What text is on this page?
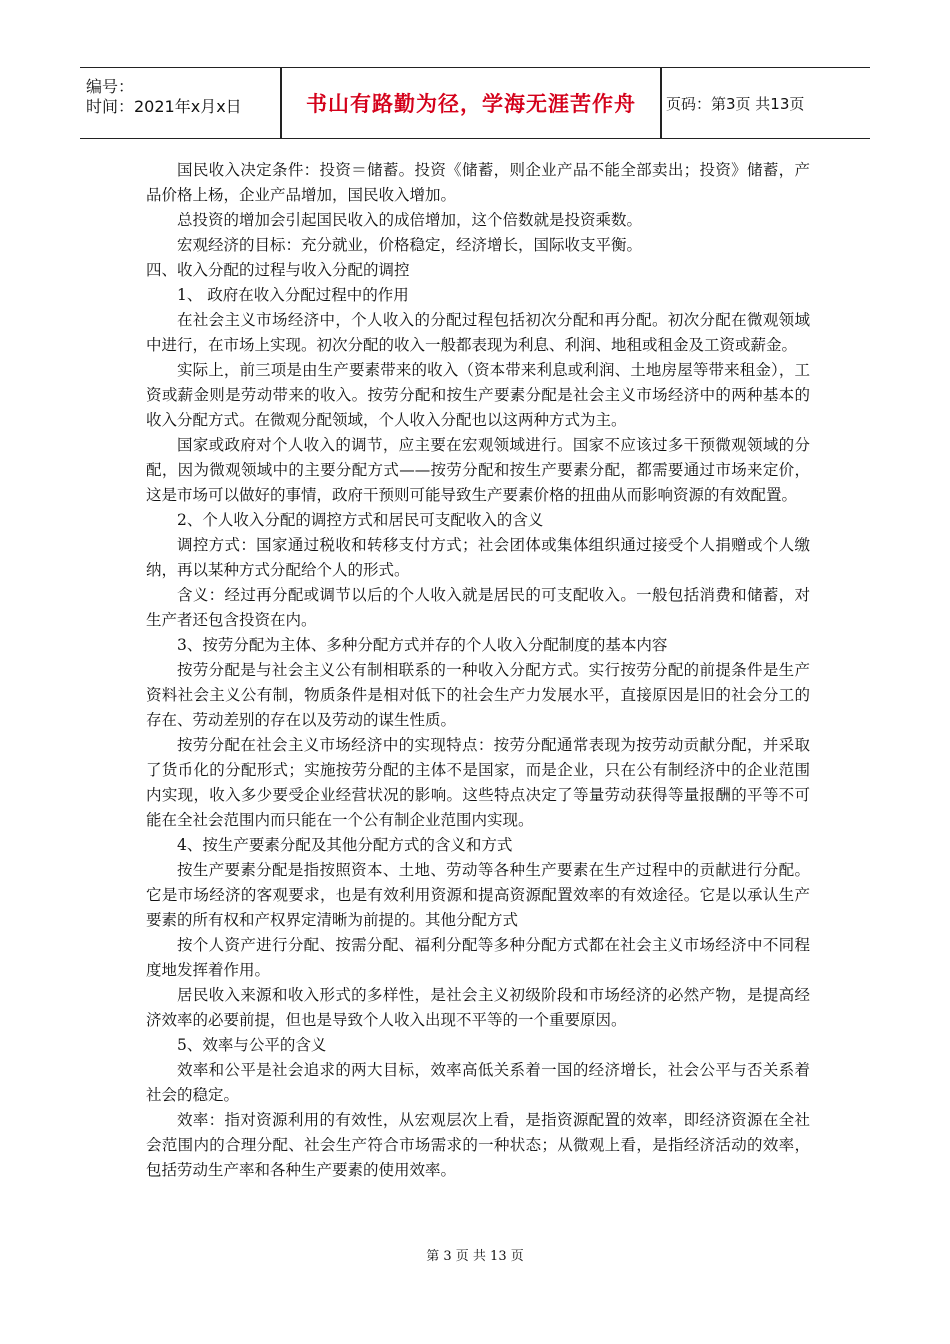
编号：
时间：2021年x月x日	书山有路勤为径，学海无涯苦作舟	页码：第3页 共13页

国民收入决定条件：投资＝储蓄。投资《储蓄，则企业产品不能全部卖出；投资》储蓄，产品价格上杨，企业产品增加，国民收入增加。

总投资的增加会引起国民收入的成倍增加，这个倍数就是投资乘数。

宏观经济的目标：充分就业，价格稳定，经济增长，国际收支平衡。

四、收入分配的过程与收入分配的调控

1、 政府在收入分配过程中的作用

在社会主义市场经济中，个人收入的分配过程包括初次分配和再分配。初次分配在微观领域中进行，在市场上实现。初次分配的收入一般都表现为利息、利润、地租或租金及工资或薪金。

实际上，前三项是由生产要素带来的收入（资本带来利息或利润、土地房屋等带来租金），工资或薪金则是劳动带来的收入。按劳分配和按生产要素分配是社会主义市场经济中的两种基本的收入分配方式。在微观分配领域，个人收入分配也以这两种方式为主。

国家或政府对个人收入的调节，应主要在宏观领域进行。国家不应该过多干预微观领域的分配，因为微观领域中的主要分配方式——按劳分配和按生产要素分配，都需要通过市场来定价，这是市场可以做好的事情，政府干预则可能导致生产要素价格的扭曲从而影响资源的有效配置。

2、个人收入分配的调控方式和居民可支配收入的含义

调控方式：国家通过税收和转移支付方式；社会团体或集体组织通过接受个人捐赠或个人缴纳，再以某种方式分配给个人的形式。

含义：经过再分配或调节以后的个人收入就是居民的可支配收入。一般包括消费和储蓄，对生产者还包含投资在内。

3、按劳分配为主体、多种分配方式并存的个人收入分配制度的基本内容

按劳分配是与社会主义公有制相联系的一种收入分配方式。实行按劳分配的前提条件是生产资料社会主义公有制，物质条件是相对低下的社会生产力发展水平，直接原因是旧的社会分工的存在、劳动差别的存在以及劳动的谋生性质。

按劳分配在社会主义市场经济中的实现特点：按劳分配通常表现为按劳动贡献分配，并采取了货币化的分配形式；实施按劳分配的主体不是国家，而是企业，只在公有制经济中的企业范围内实现，收入多少要受企业经营状况的影响。这些特点决定了等量劳动获得等量报酬的平等不可能在全社会范围内而只能在一个公有制企业范围内实现。

4、按生产要素分配及其他分配方式的含义和方式

按生产要素分配是指按照资本、土地、劳动等各种生产要素在生产过程中的贡献进行分配。它是市场经济的客观要求，也是有效利用资源和提高资源配置效率的有效途径。它是以承认生产要素的所有权和产权界定清晰为前提的。其他分配方式

按个人资产进行分配、按需分配、福利分配等多种分配方式都在社会主义市场经济中不同程度地发挥着作用。

居民收入来源和收入形式的多样性，是社会主义初级阶段和市场经济的必然产物，是提高经济效率的必要前提，但也是导致个人收入出现不平等的一个重要原因。

5、效率与公平的含义

效率和公平是社会追求的两大目标，效率高低关系着一国的经济增长，社会公平与否关系着社会的稳定。

效率：指对资源利用的有效性，从宏观层次上看，是指资源配置的效率，即经济资源在全社会范围内的合理分配、社会生产符合市场需求的一种状态；从微观上看，是指经济活动的效率，包括劳动生产率和各种生产要素的使用效率。

第 3 页 共 13 页
